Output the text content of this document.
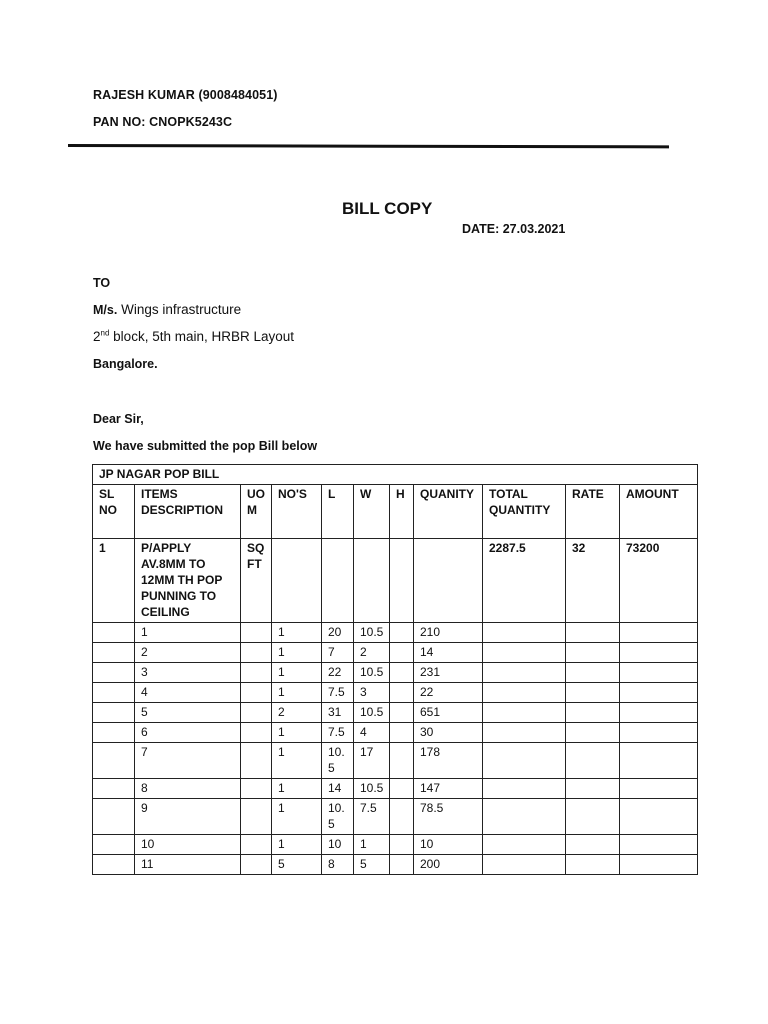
RAJESH KUMAR (9008484051)
PAN NO: CNOPK5243C
BILL COPY
DATE: 27.03.2021
TO
M/s. Wings infrastructure
2nd block, 5th main, HRBR Layout
Bangalore.
Dear Sir,
We have submitted the pop Bill below
JP NAGAR POP BILL										
SL NO	ITEMS DESCRIPTION	UOM	NO'S	L	W	H	QUANITY	TOTAL QUANTITY	RATE	AMOUNT
1	P/APPLY AV.8MM TO 12MM TH POP PUNNING TO CEILING	SQ FT						2287.5	32	73200
	1		1	20	10.5		210			
	2		1	7	2		14			
	3		1	22	10.5		231			
	4		1	7.5	3		22			
	5		2	31	10.5		651			
	6		1	7.5	4		30			
	7		1	10.5	17		178			
	8		1	14	10.5		147			
	9		1	10.5	7.5		78.5			
	10		1	10	1		10			
	11		5	8	5		200			
